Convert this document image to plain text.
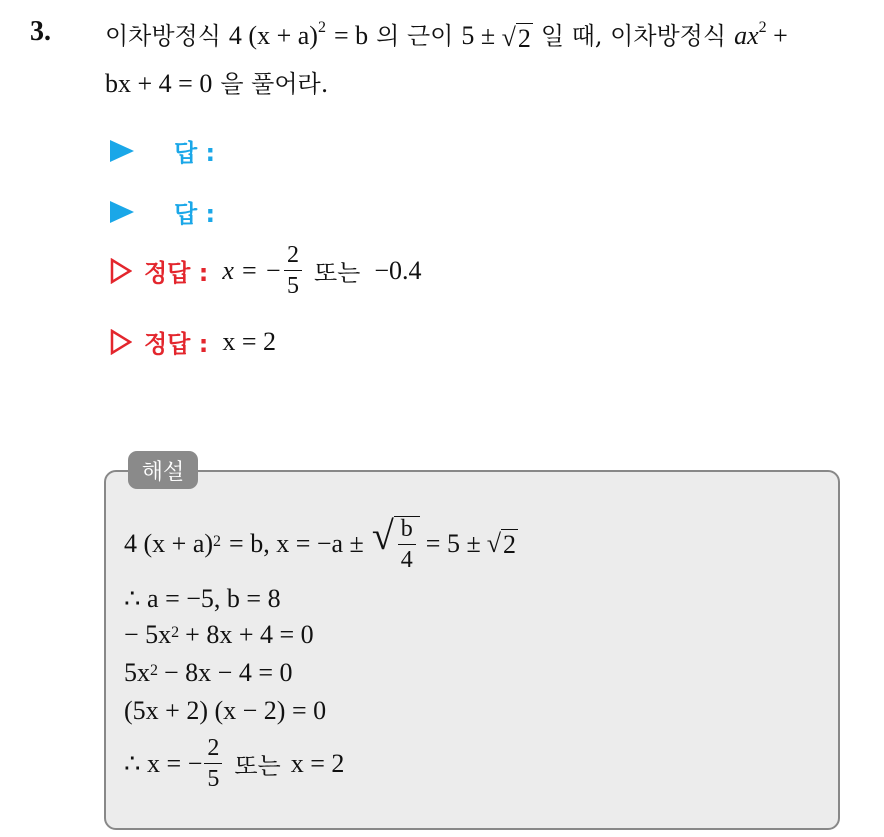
3. 이차방정식 4 $(x + a)^2 = b$ 의 근이 5 ± √ 2 일 때, 이차방정식 $ax^2$ +
bx + 4 = 0 을 풀어라.
답 :
답 :
정답 : x = − $\frac{2}{5}$ 또는 −0.4
정답 : x = 2
해설
4 $(x + a)^2 = b$, x = −a ± √ $\frac{b}{4} = 5$ ± √ 2
∴ a = −5, b = 8
− $5x^2 + 8x + 4 = 0$
$5x^2 - 8x - 4 = 0$
(5x + 2) (x − 2) = 0
∴ x = − $\frac{2}{5}$ 또는 x = 2
